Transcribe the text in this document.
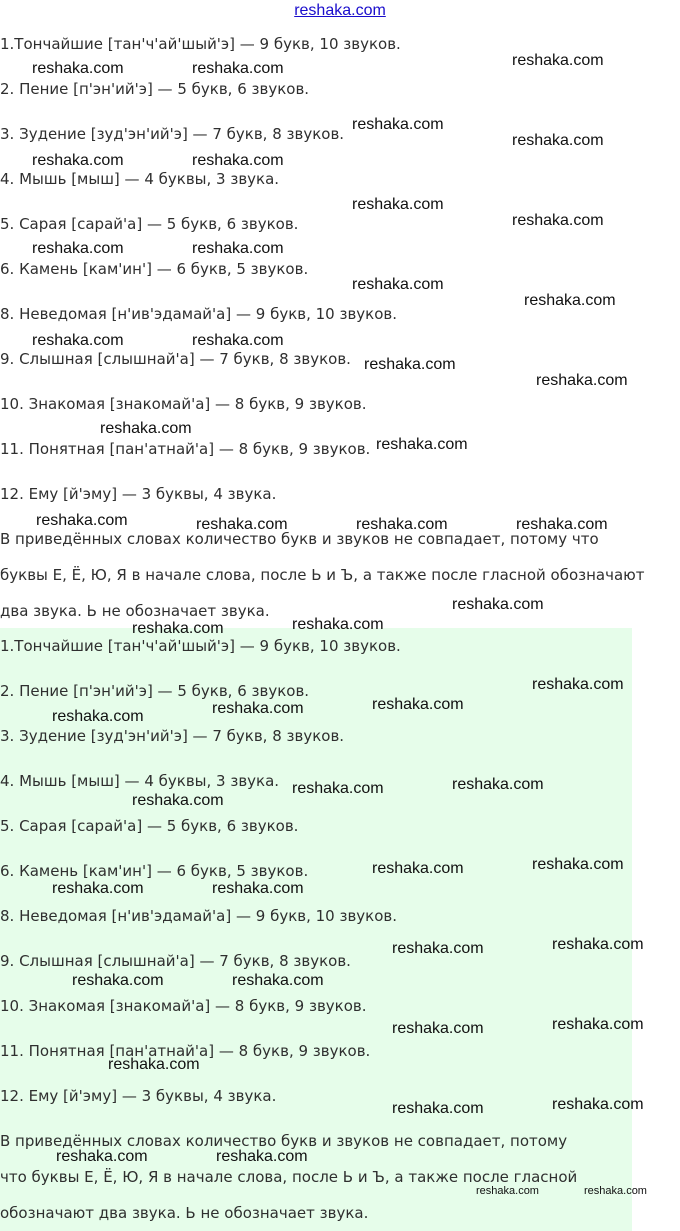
reshaka.com

1.Тончайшие [тан'ч'ай'шый'э] — 9 букв, 10 звуков.

2. Пение [п'эн'ий'э] — 5 букв, 6 звуков.

3. Зудение [зуд'эн'ий'э] — 7 букв, 8 звуков.

4. Мышь [мыш] — 4 буквы, 3 звука.

5. Сарая [сарай'а] — 5 букв, 6 звуков.

6. Камень [кам'ин'] — 6 букв, 5 звуков.

8. Неведомая [н'ив'эдамай'а] — 9 букв, 10 звуков.

9. Слышная [слышнай'а] — 7 букв, 8 звуков.

10. Знакомая [знакомай'а] — 8 букв, 9 звуков.

11. Понятная [пан'атнай'а] — 8 букв, 9 звуков.

12. Ему [й'эму] — 3 буквы, 4 звука.

В приведённых словах количество букв и звуков не совпадает, потому что

буквы Е, Ё, Ю, Я в начале слова, после Ь и Ъ, а также после гласной обозначают

два звука. Ь не обозначает звука.

1.Тончайшие [тан'ч'ай'шый'э] — 9 букв, 10 звуков.

2. Пение [п'эн'ий'э] — 5 букв, 6 звуков.

3. Зудение [зуд'эн'ий'э] — 7 букв, 8 звуков.

4. Мышь [мыш] — 4 буквы, 3 звука.

5. Сарая [сарай'а] — 5 букв, 6 звуков.

6. Камень [кам'ин'] — 6 букв, 5 звуков.

8. Неведомая [н'ив'эдамай'а] — 9 букв, 10 звуков.

9. Слышная [слышнай'а] — 7 букв, 8 звуков.

10. Знакомая [знакомай'а] — 8 букв, 9 звуков.

11. Понятная [пан'атнай'а] — 8 букв, 9 звуков.

12. Ему [й'эму] — 3 буквы, 4 звука.

В приведённых словах количество букв и звуков не совпадает, потому

что буквы Е, Ё, Ю, Я в начале слова, после Ь и Ъ, а также после гласной

обозначают два звука. Ь не обозначает звука.

reshaka.com
reshaka.com	reshaka.com
reshaka.com
reshaka.com
reshaka.com	reshaka.com
reshaka.com
reshaka.com
reshaka.com	reshaka.com
reshaka.com
reshaka.com
reshaka.com	reshaka.com
reshaka.com
reshaka.com
reshaka.com
reshaka.com
reshaka.com	reshaka.com	reshaka.com	reshaka.com
reshaka.com
reshaka.com
reshaka.com
reshaka.com
reshaka.com
reshaka.com
reshaka.com
reshaka.com
reshaka.com
reshaka.com
reshaka.com
reshaka.com
reshaka.com	reshaka.com
reshaka.com
reshaka.com
reshaka.com	reshaka.com
reshaka.com
reshaka.com
reshaka.com
reshaka.com
reshaka.com
reshaka.com	reshaka.com
reshaka.com	reshaka.com
